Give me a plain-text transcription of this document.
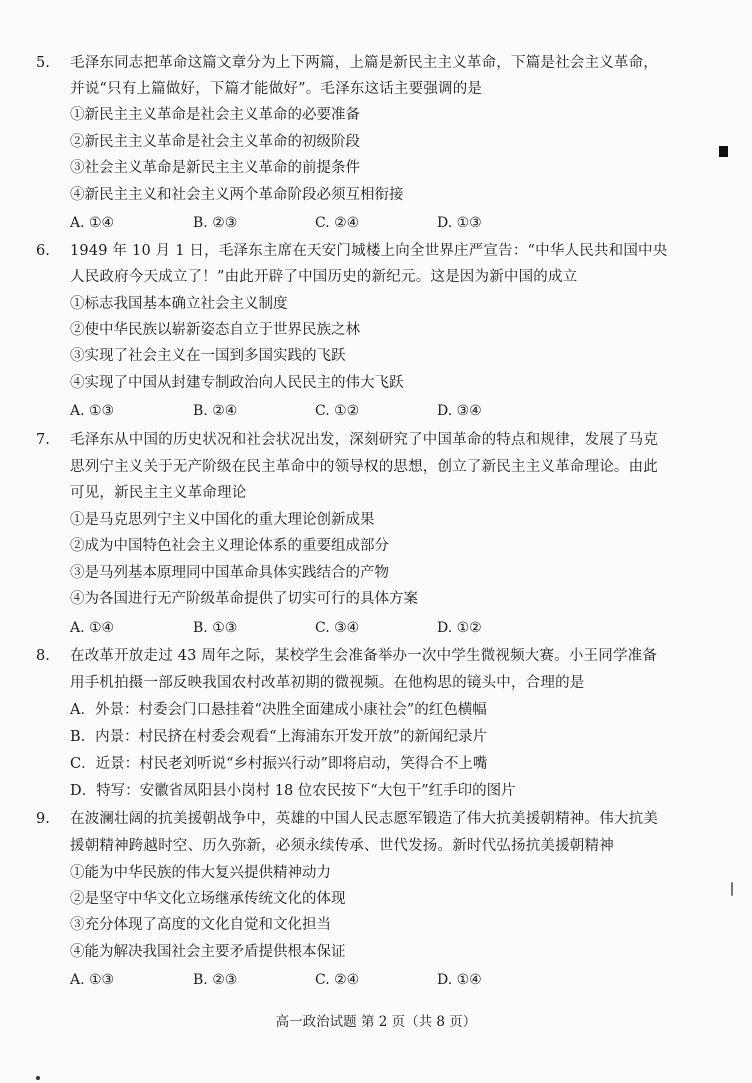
5. 毛泽东同志把革命这篇文章分为上下两篇，上篇是新民主主义革命，下篇是社会主义革命，
并说“只有上篇做好，下篇才能做好”。毛泽东这话主要强调的是
①新民主主义革命是社会主义革命的必要准备
②新民主主义革命是社会主义革命的初级阶段
③社会主义革命是新民主主义革命的前提条件
④新民主主义和社会主义两个革命阶段必须互相衔接
A. ①④	B. ②③	C. ②④	D. ①③
6. 1949 年 10 月 1 日，毛泽东主席在天安门城楼上向全世界庄严宣告：“中华人民共和国中央
人民政府今天成立了！”由此开辟了中国历史的新纪元。这是因为新中国的成立
①标志我国基本确立社会主义制度
②使中华民族以崭新姿态自立于世界民族之林
③实现了社会主义在一国到多国实践的飞跃
④实现了中国从封建专制政治向人民民主的伟大飞跃
A. ①③	B. ②④	C. ①②	D. ③④
7. 毛泽东从中国的历史状况和社会状况出发，深刻研究了中国革命的特点和规律，发展了马克
思列宁主义关于无产阶级在民主革命中的领导权的思想，创立了新民主主义革命理论。由此
可见，新民主主义革命理论
①是马克思列宁主义中国化的重大理论创新成果
②成为中国特色社会主义理论体系的重要组成部分
③是马列基本原理同中国革命具体实践结合的产物
④为各国进行无产阶级革命提供了切实可行的具体方案
A. ①④	B. ①③	C. ③④	D. ①②
8. 在改革开放走过 43 周年之际，某校学生会准备举办一次中学生微视频大赛。小王同学准备
用手机拍摄一部反映我国农村改革初期的微视频。在他构思的镜头中，合理的是
A．外景：村委会门口悬挂着“决胜全面建成小康社会”的红色横幅
B．内景：村民挤在村委会观看“上海浦东开发开放”的新闻纪录片
C．近景：村民老刘听说“乡村振兴行动”即将启动，笑得合不上嘴
D．特写：安徽省凤阳县小岗村 18 位农民按下“大包干”红手印的图片
9. 在波澜壮阔的抗美援朝战争中，英雄的中国人民志愿军锻造了伟大抗美援朝精神。伟大抗美
援朝精神跨越时空、历久弥新，必须永续传承、世代发扬。新时代弘扬抗美援朝精神
①能为中华民族的伟大复兴提供精神动力
②是坚守中华文化立场继承传统文化的体现
③充分体现了高度的文化自觉和文化担当
④能为解决我国社会主要矛盾提供根本保证
A. ①③	B. ②③	C. ②④	D. ①④
高一政治试题 第 2 页（共 8 页）
